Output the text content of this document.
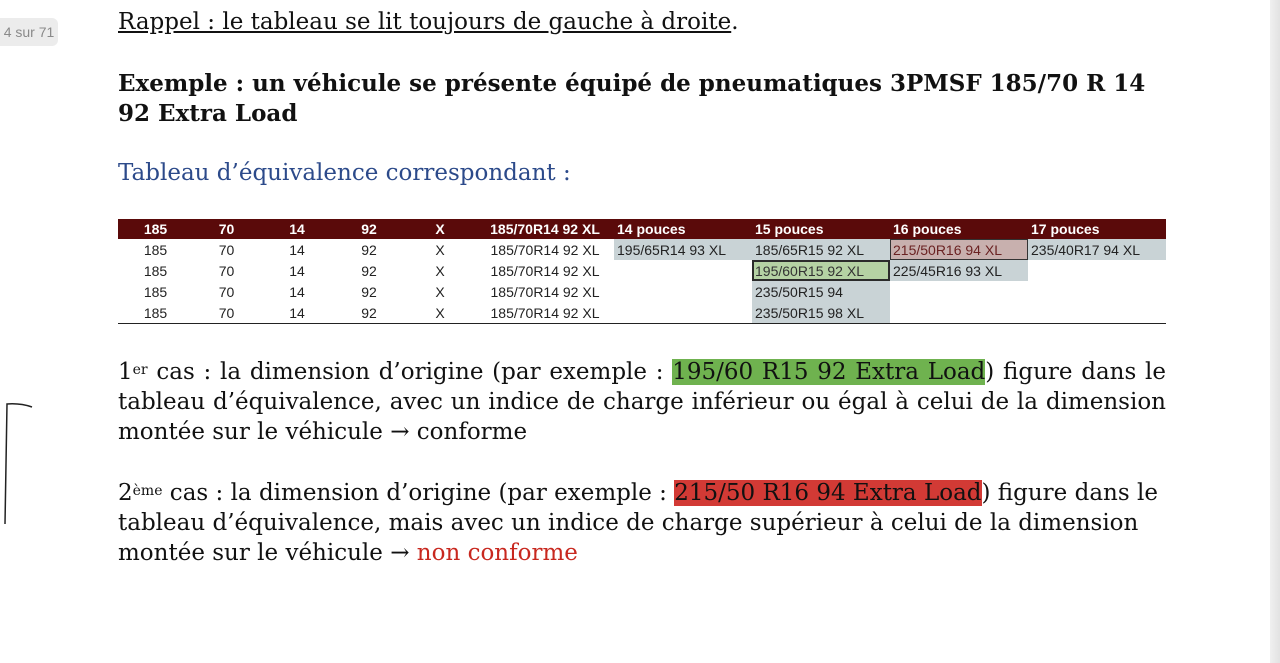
4 sur 71	Rappel : le tableau se lit toujours de gauche à droite.
Exemple : un véhicule se présente équipé de pneumatiques 3PMSF 185/70 R 14 92 Extra Load
Tableau d’équivalence correspondant :
185	70	14	92	X	185/70R14 92 XL	14 pouces	15 pouces	16 pouces	17 pouces
185	70	14	92	X	185/70R14 92 XL	195/65R14 93 XL	185/65R15 92 XL	215/50R16 94 XL	235/40R17 94 XL
185	70	14	92	X	185/70R14 92 XL		195/60R15 92 XL	225/45R16 93 XL	
185	70	14	92	X	185/70R14 92 XL		235/50R15 94		
185	70	14	92	X	185/70R14 92 XL		235/50R15 98 XL		
1er cas : la dimension d’origine (par exemple : 195/60 R15 92 Extra Load) figure dans le tableau d’équivalence, avec un indice de charge inférieur ou égal à celui de la dimension montée sur le véhicule → conforme
2ème cas : la dimension d’origine (par exemple : 215/50 R16 94 Extra Load) figure dans le tableau d’équivalence, mais avec un indice de charge supérieur à celui de la dimension montée sur le véhicule → non conforme
